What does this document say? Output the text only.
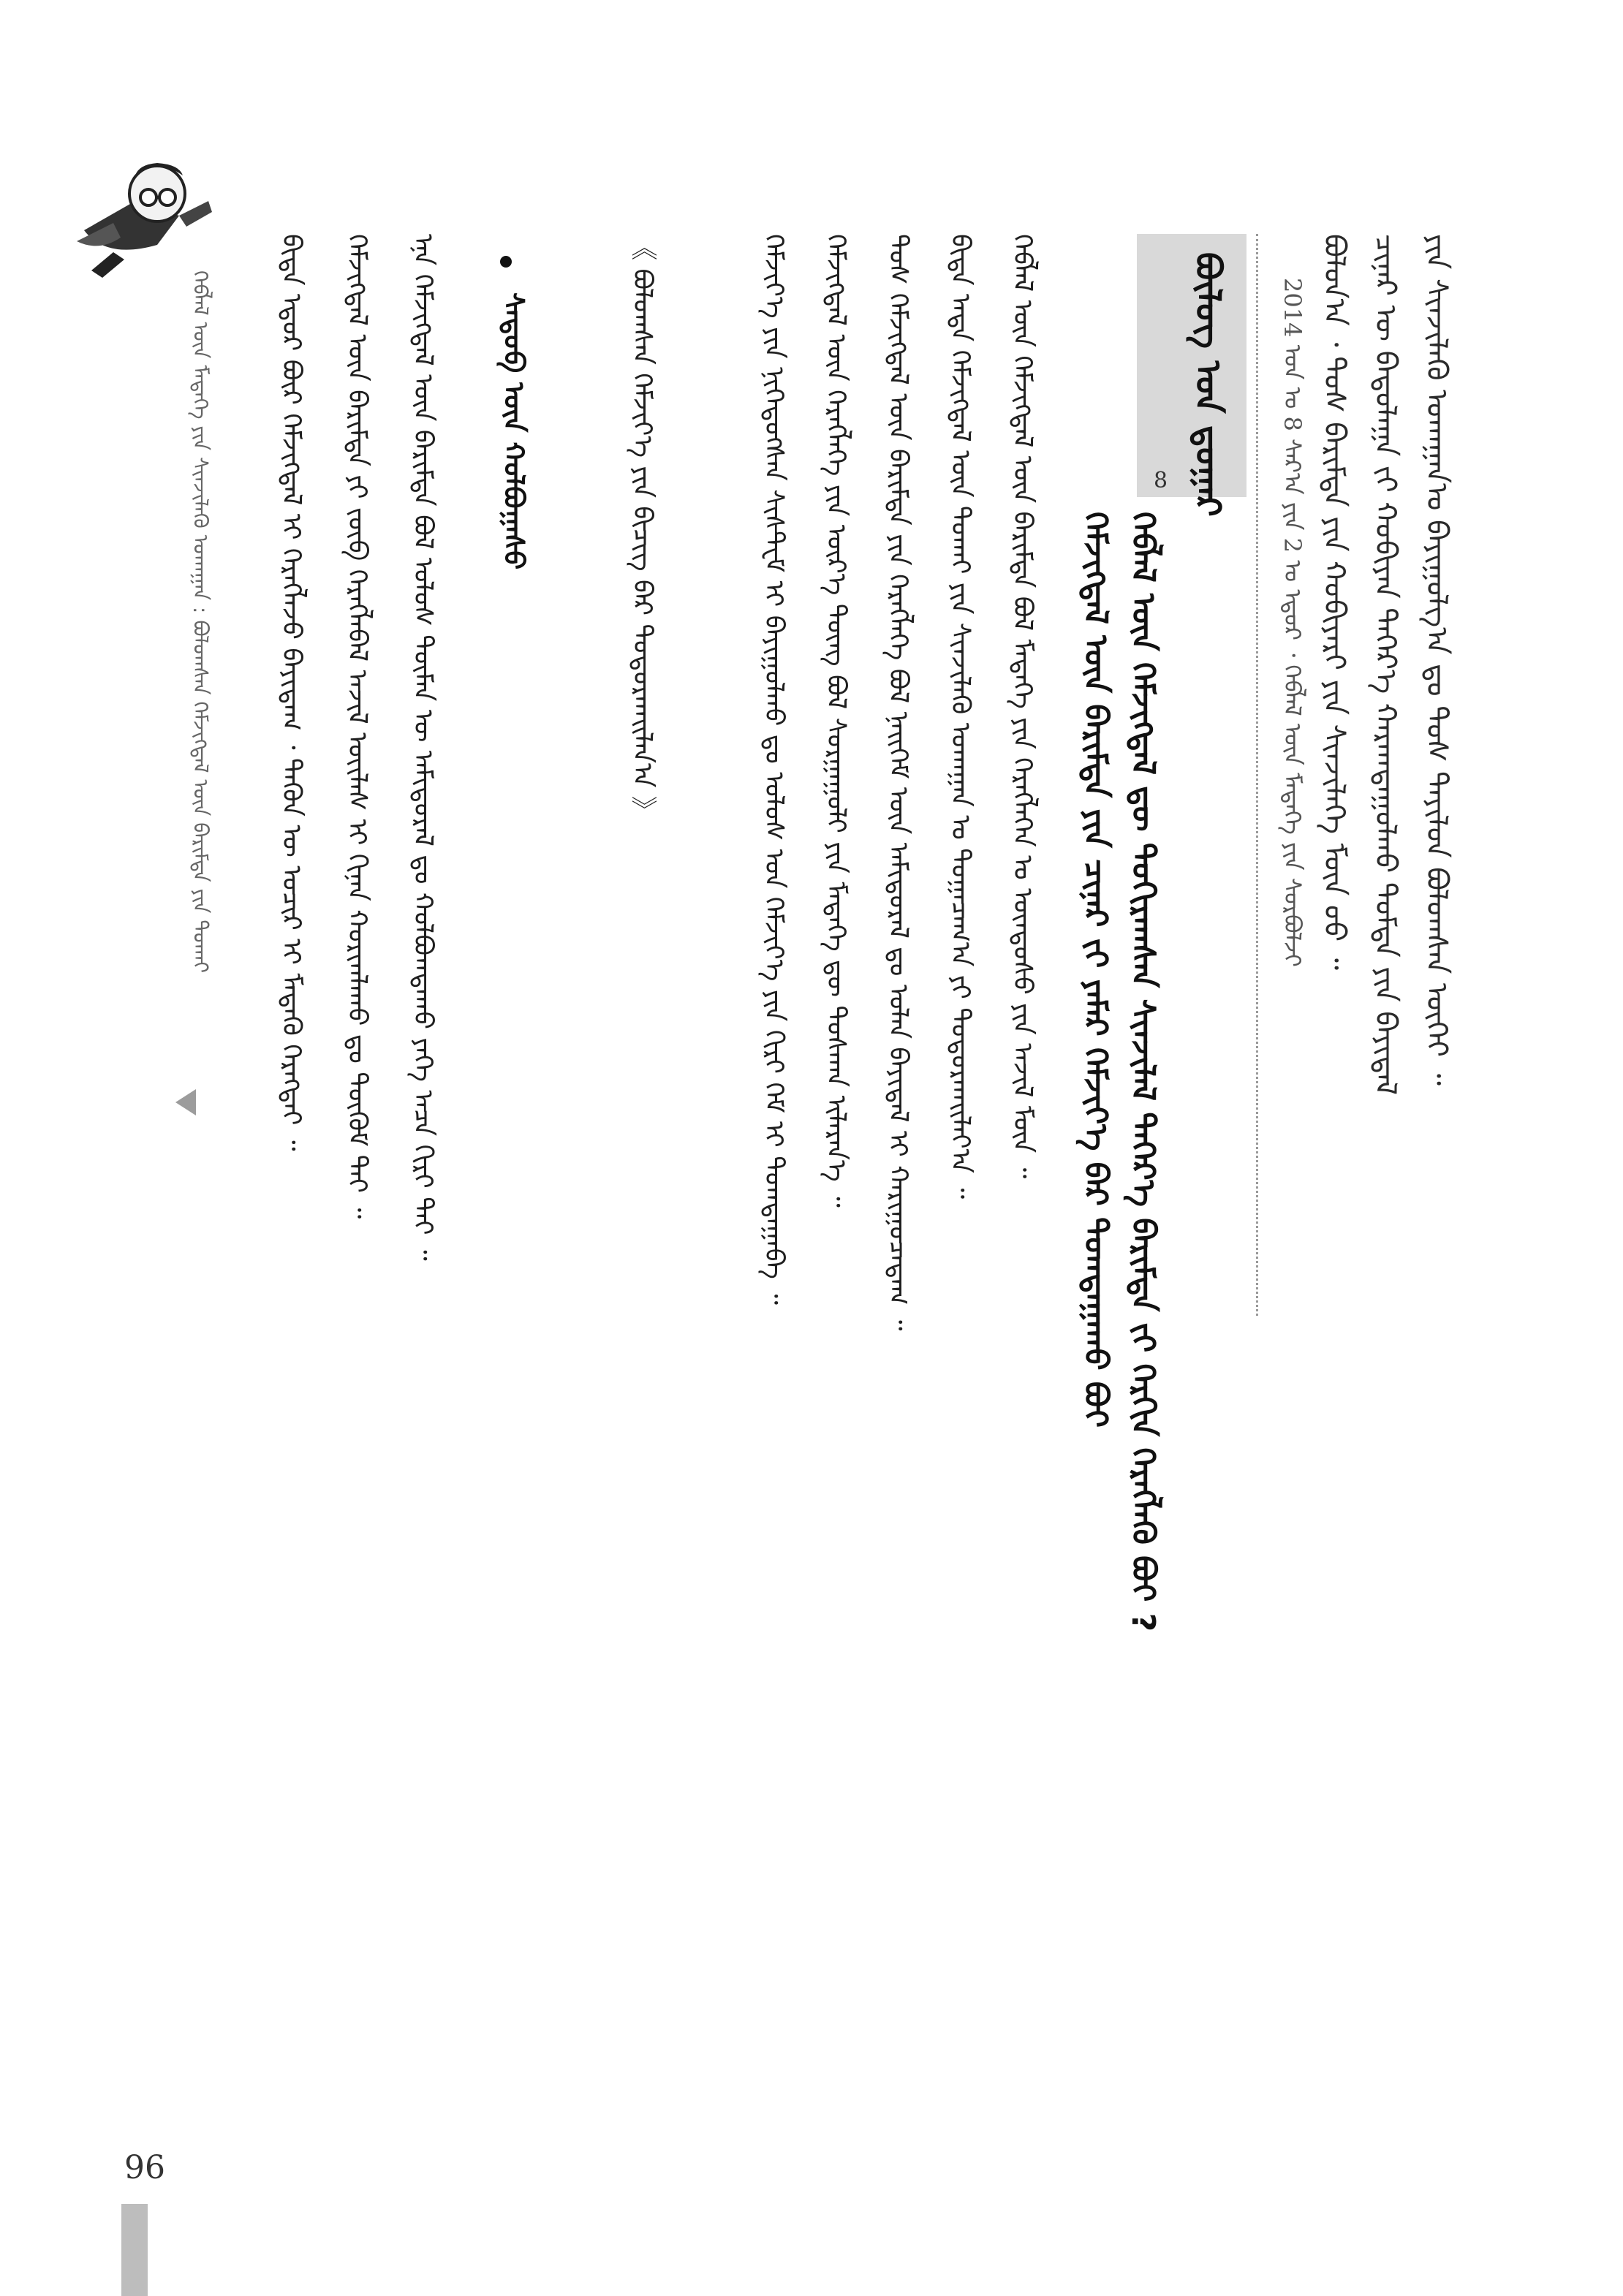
ᠶᠢᠨ ᠰᠢᠨᠵᠢᠯᠡᠬᠦ ᠤᠬᠠᠭᠠᠨ᠎ᠤ ᠪᠠᠶᠢᠭᠤᠯᠭ᠎ᠠ ᠳᠤ ᠲᠤᠰ ᠲᠠᠶᠢᠯᠤᠨ ᠪᠤᠯᠤᠭᠰᠠᠨ ᠦᠬᠡᠢ ᠃
ᠴᠢᠨᠡᠷ ᠦ ᠪᠠᠲᠤᠯᠠᠭᠠ ᠵᠢ ᠬᠤᠪᠢᠶᠠᠨ ᠳᠡᠭᠡᠷ᠎ᠡ ᠬᠠᠷᠠᠭᠳᠠᠭᠤᠯᠬᠤ ᠳᠤᠮᠳᠠ ᠶᠢᠨ ᠪᠠᠶᠢᠳᠠᠯ
ᠪᠣᠯᠤᠨ᠎ᠠ ᠂ ᠲᠤᠰ ᠪᠠᠷᠢᠮᠲᠠ ᠶᠢᠨ ᠬᠤᠪᠢᠶᠠᠷᠢ ᠶᠢᠨ ᠰᠢᠨᠵᠢᠯᠡᠭᠡ ᠮᠥᠨ ᠤᠤ ᠃
2014 ᠣᠨ ᠤ 8 ᠰᠠᠷ᠎ᠠ ᠶᠢᠨ 2 ᠤ ᠡᠳᠦᠷ ᠂ ᠬᠡᠪᠯᠡᠯ ᠦᠨ ᠮᠡᠳᠡᠭᠡ ᠶᠢᠨ ᠰᠤᠷᠪᠤᠯᠵᠢ
ᠪᠦᠯᠦᠭ ᠤᠨ ᠳ᠋ᠤᠭᠠᠷ
8
ᠬᠡᠪᠯᠡᠯ ᠦᠨ ᠬᠡᠮᠵᠢᠭᠳᠡᠯ ᠳᠦ ᠲᠤᠬᠢᠷᠠᠭᠰᠠᠨ ᠰᠢᠨᠵᠢᠯᠡᠯ ᠳᠡᠭᠡᠷ᠎ᠡ ᠪᠠᠷᠢᠮᠲᠠ ᠵᠢ ᠬᠡᠷᠬᠢᠨ ᠬᠡᠷᠡᠭᠯᠡᠬᠦ ᠪᠤᠢ ?
ᠬᠡᠮᠵᠢᠭᠳᠡᠯ ᠦᠨ ᠪᠠᠷᠢᠮᠲᠠ ᠶᠢᠨ ᠴᠢᠨᠠᠷ ᠵᠢ ᠶᠠᠮᠠᠷ ᠬᠡᠮᠵᠢᠶ᠎ᠡ ᠪᠡᠷ ᠲᠣᠭᠲᠠᠭᠠᠬᠤ ᠪᠤᠢ
ᠬᠡᠪᠯᠡᠯ ᠦᠨ ᠬᠡᠮᠵᠢᠭᠳᠡᠯ ᠦᠨ ᠪᠠᠷᠢᠮᠲᠠ ᠪᠣᠯ ᠮᠡᠳᠡᠭᠡ ᠶᠢᠨ ᠬᠡᠷᠡᠭᠯᠡᠭᠡᠨ ᠤ ᠦᠨᠳᠦᠰᠦ ᠶᠢᠨ ᠠᠵᠢᠯ ᠮᠥᠨ ᠃
ᠪᠢᠳᠡ ᠡᠨᠳᠡ ᠬᠡᠮᠵᠢᠭᠳᠡᠯ ᠦᠨ ᠲᠤᠬᠠᠢ ᠶᠢᠨ ᠰᠢᠨᠵᠢᠯᠡᠬᠦ ᠤᠬᠠᠭᠠᠨ ᠤ ᠲᠣᠭᠠᠴᠠᠭ᠎ᠠ ᠶᠢ ᠲᠣᠳᠤᠷᠬᠠᠢᠯᠠᠶ᠎ᠠ ᠃
ᠲᠤᠰ ᠬᠡᠮᠵᠢᠭᠳᠡᠯ ᠦᠨ ᠪᠠᠷᠢᠮᠲᠠ ᠶᠢᠨ ᠬᠡᠷᠡᠭᠯᠡᠭᠡ ᠪᠣᠯ ᠨᠡᠢᠭᠡᠮ ᠦᠨ ᠠᠮᠢᠳᠤᠷᠠᠯ ᠳᠤ ᠣᠯᠠᠨ ᠪᠠᠶᠢᠳᠠᠯ ᠢ ᠬᠠᠷᠢᠭᠤᠴᠠᠳᠠᠭ ᠃
ᠬᠡᠮᠵᠢᠭᠳᠡᠯ ᠦᠨ ᠬᠡᠷᠡᠭᠯᠡᠭᠡ ᠶᠢᠨ ᠦᠷ᠎ᠡ ᠳᠦᠩ ᠪᠣᠯ ᠰᠤᠷᠭᠠᠭᠤᠯᠢ ᠶᠢᠨ ᠮᠡᠳᠡᠭᠡ ᠳᠦ ᠲᠤᠰᠬᠠᠨ ᠢᠯᠡᠷᠡᠨ᠎ᠡ ᠃
ᠬᠡᠮᠵᠢᠶ᠎ᠡ ᠶᠢᠨ ᠨᠢᠭᠡᠳᠦᠭᠰᠡᠨ ᠰᠢᠰᠲ᠋ᠧᠮ ᠢ ᠪᠠᠶᠢᠭᠤᠯᠬᠤ ᠳᠤ ᠤᠯᠤᠰ ᠤᠨ ᠬᠡᠮᠵᠢᠶ᠎ᠡ ᠶᠢᠨ ᠬᠢᠷᠢ ᠬᠡᠮ ᠢ ᠲᠣᠭᠲᠠᠭᠠᠪᠠ ᠃
《 ᠪᠣᠯᠣᠭᠰᠠᠨ ᠬᠡᠮᠵᠢᠶ᠎ᠡ ᠶᠢᠨ ᠪᠢᠴᠢᠭ ᠪᠠᠷ ᠲᠣᠳᠤᠷᠬᠠᠢᠯᠠᠨ᠎ᠠ 》
ᠰᠡᠳᠦᠪ ᠦᠨ ᠬᠣᠯᠪᠣᠭᠠᠰᠤ
ᠡᠨᠡ ᠬᠡᠮᠵᠢᠭᠳᠡᠯ ᠦᠨ ᠪᠠᠷᠢᠮᠲᠠ ᠪᠣᠯ ᠤᠯᠤᠰ ᠲᠦᠮᠡᠨ ᠦ ᠠᠮᠢᠳᠤᠷᠠᠯ ᠳᠤ ᠬᠣᠯᠪᠣᠭᠳᠠᠬᠤ ᠶᠡᠬᠡ ᠠᠴᠠ ᠬᠢᠷᠢ ᠲᠠᠢ ᠃
ᠬᠡᠮᠵᠢᠭᠳᠡᠯ ᠦᠨ ᠪᠠᠷᠢᠮᠲᠠ ᠶᠢ ᠵᠥᠪ ᠬᠡᠷᠡᠭᠯᠡᠪᠡᠯ ᠠᠵᠢᠯ ᠦᠢᠯᠡᠰ ᠢ ᠬᠢᠨᠠᠨ ᠬᠣᠷᠢᠭᠯᠠᠬᠤ ᠳᠤ ᠳᠥᠭᠦᠮ ᠲᠠᠢ ᠃
ᠪᠢᠳᠡ ᠡᠳᠦᠷ ᠪᠦᠷ ᠬᠡᠮᠵᠢᠭᠳᠡᠯ ᠢ ᠬᠡᠷᠡᠭᠯᠡᠵᠦ ᠪᠠᠶᠢᠳᠠᠭ ᠂ ᠲᠡᠭᠦᠨ ᠦ ᠤᠴᠢᠷ ᠢ ᠮᠡᠳᠡᠬᠦ ᠬᠡᠷᠡᠭᠲᠡᠢ ᠃
ᠬᠡᠪᠯᠡᠯ ᠦᠨ ᠮᠡᠳᠡᠭᠡ ᠶᠢᠨ ᠰᠢᠨᠵᠢᠯᠡᠬᠦ ᠤᠬᠠᠭᠠᠨ : ᠪᠣᠯᠤᠭᠰᠠᠨ ᠬᠡᠮᠵᠢᠭᠳᠡᠯ ᠦᠨ ᠪᠠᠷᠢᠮᠲᠠ ᠶᠢᠨ ᠲᠤᠬᠠᠢ
96
